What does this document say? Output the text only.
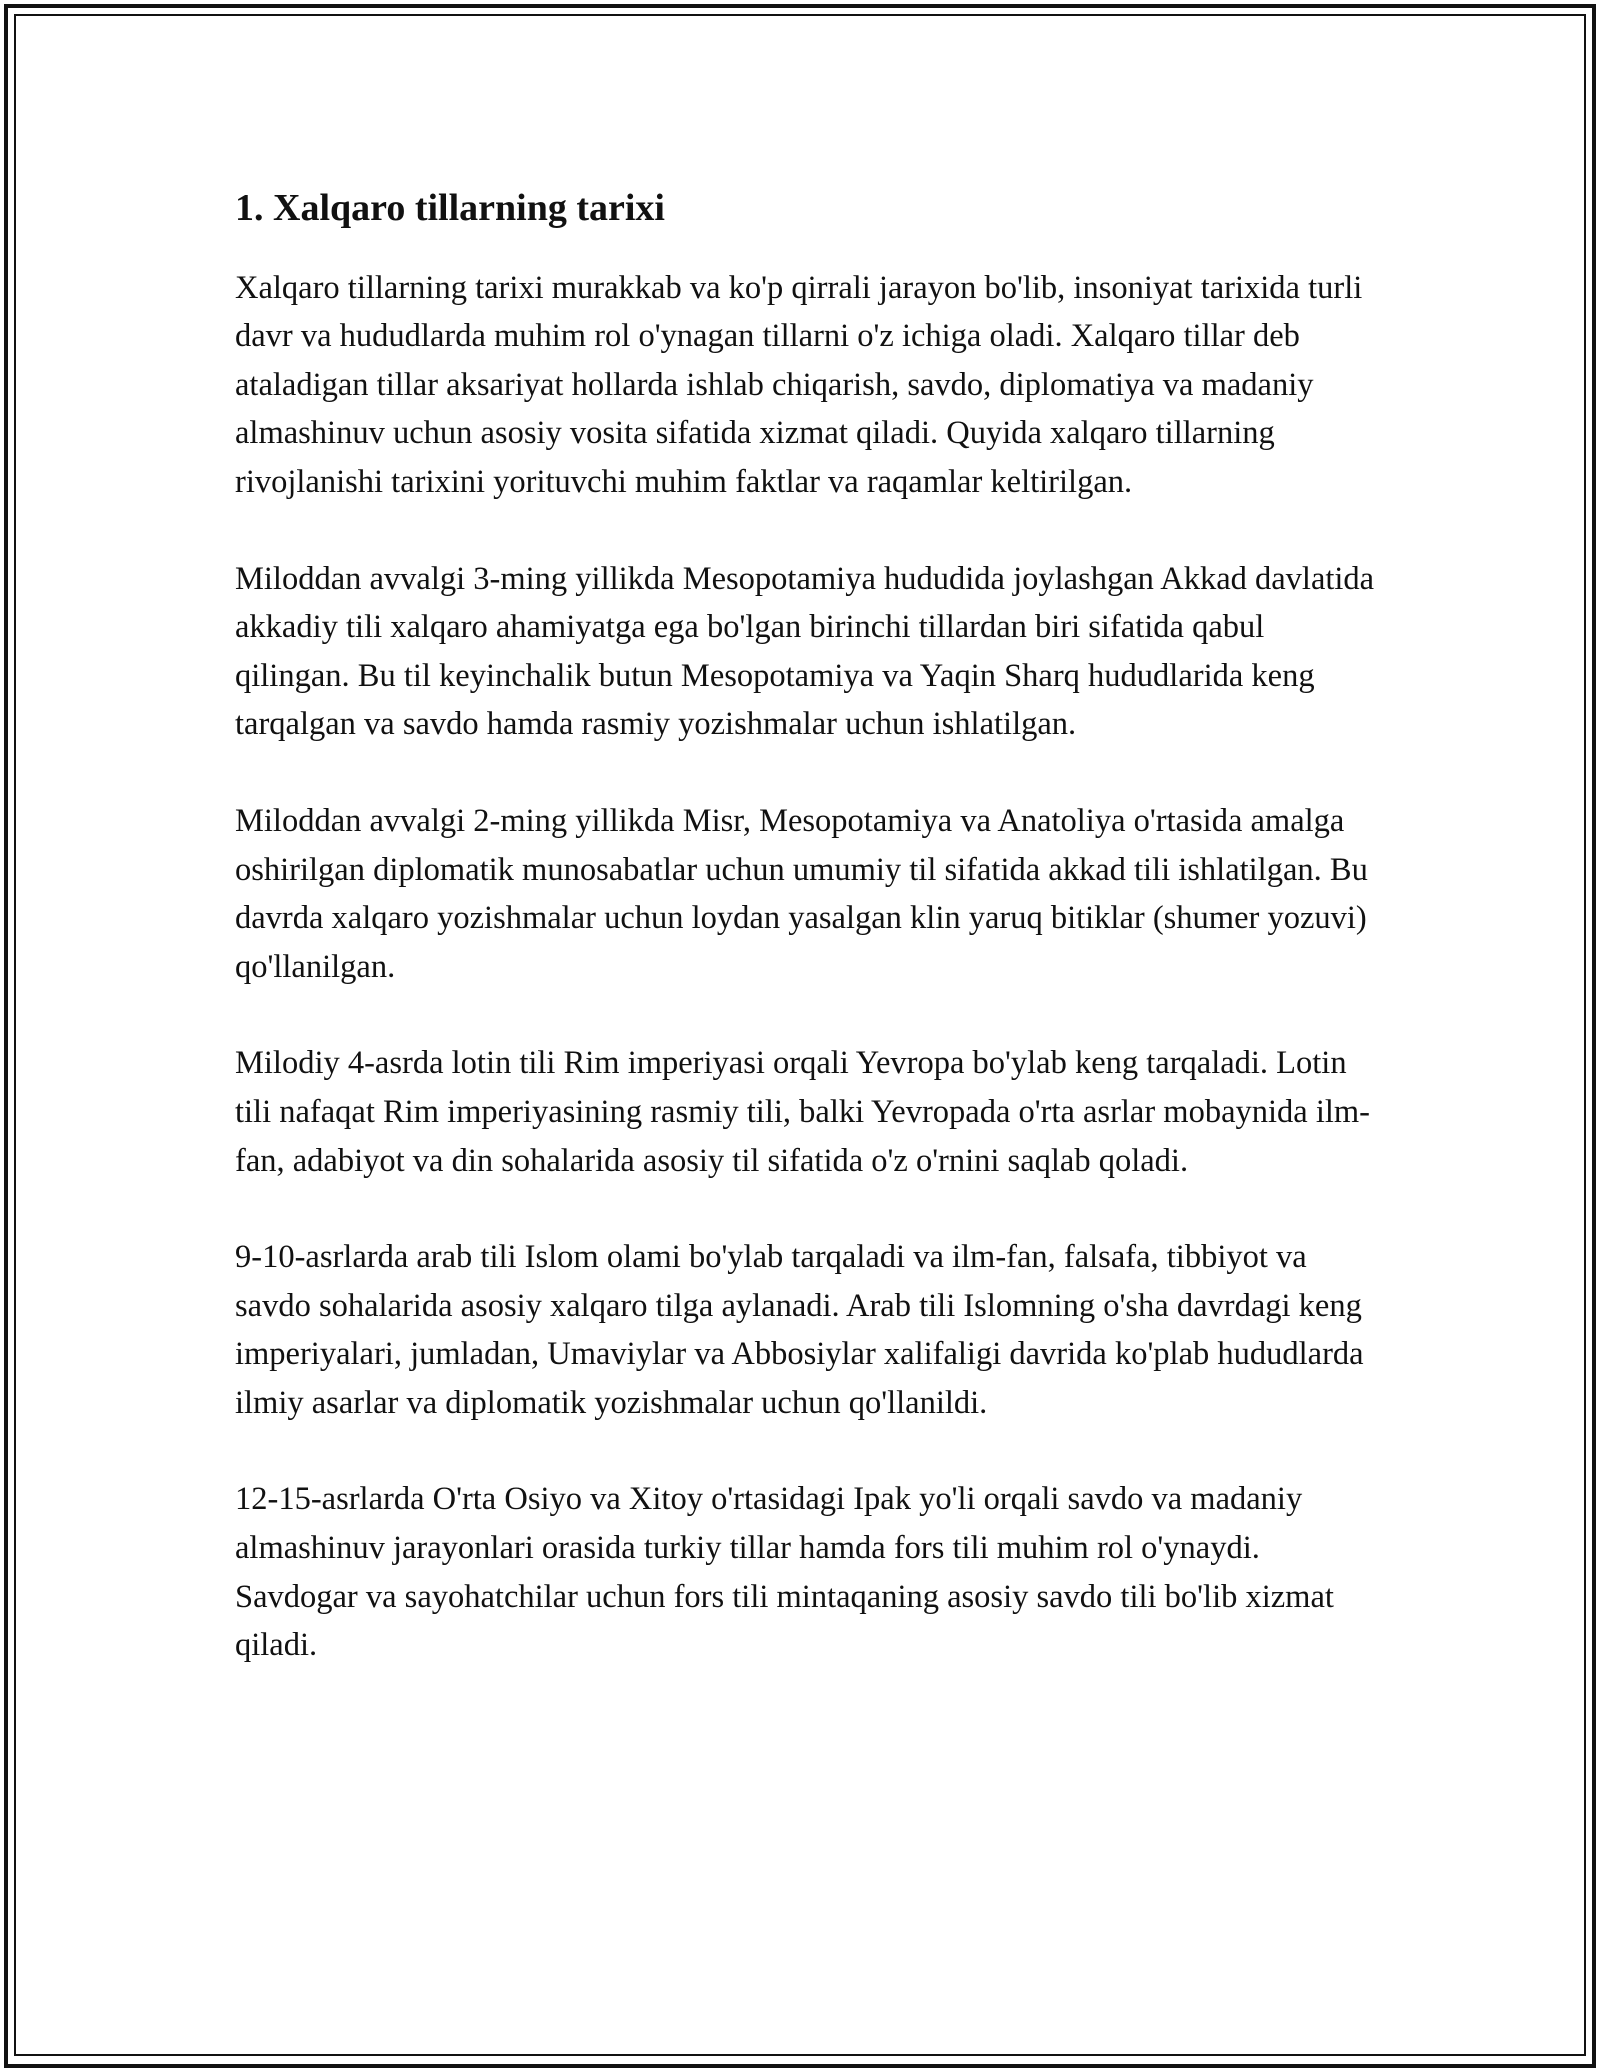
1. Xalqaro tillarning tarixi

Xalqaro tillarning tarixi murakkab va ko'p qirrali jarayon bo'lib, insoniyat tarixida turli davr va hududlarda muhim rol o'ynagan tillarni o'z ichiga oladi. Xalqaro tillar deb ataladigan tillar aksariyat hollarda ishlab chiqarish, savdo, diplomatiya va madaniy almashinuv uchun asosiy vosita sifatida xizmat qiladi. Quyida xalqaro tillarning rivojlanishi tarixini yorituvchi muhim faktlar va raqamlar keltirilgan.

Miloddan avvalgi 3-ming yillikda Mesopotamiya hududida joylashgan Akkad davlatida akkadiy tili xalqaro ahamiyatga ega bo'lgan birinchi tillardan biri sifatida qabul qilingan. Bu til keyinchalik butun Mesopotamiya va Yaqin Sharq hududlarida keng tarqalgan va savdo hamda rasmiy yozishmalar uchun ishlatilgan.

Miloddan avvalgi 2-ming yillikda Misr, Mesopotamiya va Anatoliya o'rtasida amalga oshirilgan diplomatik munosabatlar uchun umumiy til sifatida akkad tili ishlatilgan. Bu davrda xalqaro yozishmalar uchun loydan yasalgan klin yaruq bitiklar (shumer yozuvi) qo'llanilgan.

Milodiy 4-asrda lotin tili Rim imperiyasi orqali Yevropa bo'ylab keng tarqaladi. Lotin tili nafaqat Rim imperiyasining rasmiy tili, balki Yevropada o'rta asrlar mobaynida ilm-fan, adabiyot va din sohalarida asosiy til sifatida o'z o'rnini saqlab qoladi.

9-10-asrlarda arab tili Islom olami bo'ylab tarqaladi va ilm-fan, falsafa, tibbiyot va savdo sohalarida asosiy xalqaro tilga aylanadi. Arab tili Islomning o'sha davrdagi keng imperiyalari, jumladan, Umaviylar va Abbosiylar xalifaligi davrida ko'plab hududlarda ilmiy asarlar va diplomatik yozishmalar uchun qo'llanildi.

12-15-asrlarda O'rta Osiyo va Xitoy o'rtasidagi Ipak yo'li orqali savdo va madaniy almashinuv jarayonlari orasida turkiy tillar hamda fors tili muhim rol o'ynaydi. Savdogar va sayohatchilar uchun fors tili mintaqaning asosiy savdo tili bo'lib xizmat qiladi.
